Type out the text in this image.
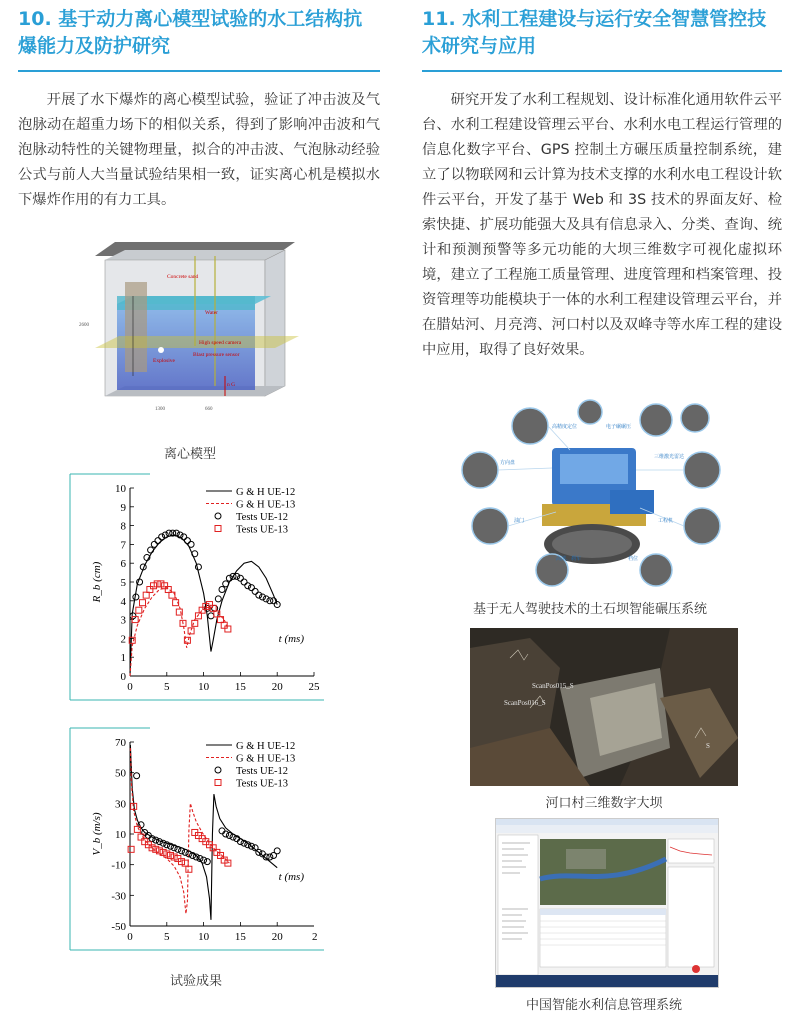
10. 基于动力离心模型试验的水工结构抗爆能力及防护研究
开展了水下爆炸的离心模型试验，验证了冲击波及气泡脉动在超重力场下的相似关系，得到了影响冲击波和气泡脉动特性的关键物理量，拟合的冲击波、气泡脉动经验公式与前人大当量试验结果相一致，证实离心机是模拟水下爆炸作用的有力工具。
Concrete sand
Water
High speed camera
Blast pressure sensor
Explosive
n G
1300	660
2600
离心模型
0
1
2
3
4
5
6
7
8
9
10
0	5	10 15 20 25
R_b (cm)
t (ms)
G & H UE-12
G & H UE-13
Tests UE-12
Tests UE-13
-50
-30
-10
10
30
50
70
0	5	10 15 20	2
V_b (m/s)
t (ms)
G & H UE-12
G & H UE-13
Tests UE-12
Tests UE-13
试验成果
11. 水利工程建设与运行安全智慧管控技术研究与应用
研究开发了水利工程规划、设计标准化通用软件云平台、水利工程建设管理云平台、水利水电工程运行管理的信息化数字平台、GPS 控制土方碾压质量控制系统，建立了以物联网和云计算为技术支撑的水利水电工程设计软件云平台，开发了基于 Web 和 3S 技术的界面友好、检索快捷、扩展功能强大及具有信息录入、分类、查询、统计和预测预警等多元功能的大坝三维数字可视化虚拟环境，建立了工程施工质量管理、进度管理和档案管理、投资管理等功能模块于一体的水利工程建设管理云平台，并在腊姑河、月亮湾、河口村以及双峰寺等水库工程的建设中应用，取得了良好效果。
高精度定位	电子碾碾压
方向盘
三维激光雷达
油门
高清、刹车
工程机
档位
基于无人驾驶技术的土石坝智能碾压系统
ScanPos015_S
ScanPos016_S
S
河口村三维数字大坝
中国智能水利信息管理系统
